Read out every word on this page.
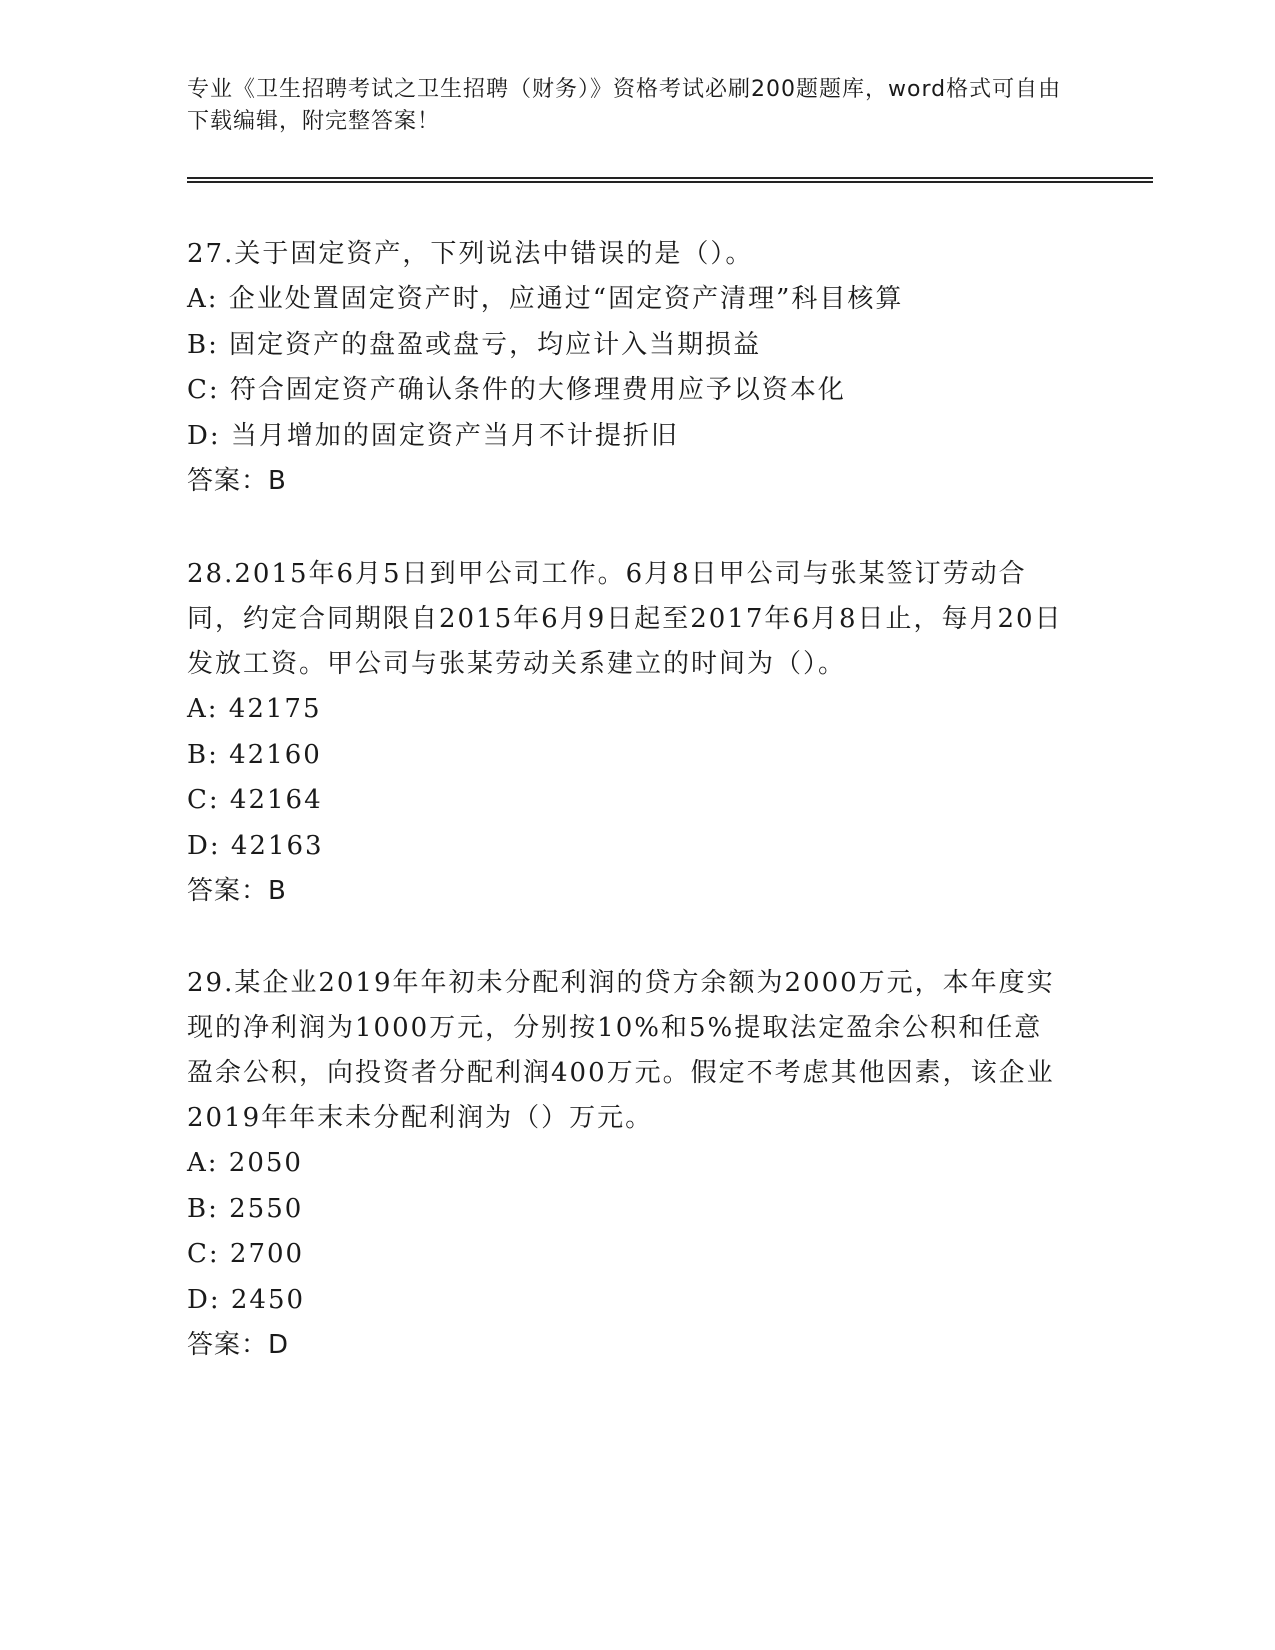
专业《卫生招聘考试之卫生招聘（财务）》资格考试必刷200题题库，word格式可自由下载编辑，附完整答案！

27.关于固定资产，下列说法中错误的是（）。

A: 企业处置固定资产时，应通过“固定资产清理”科目核算

B: 固定资产的盘盈或盘亏，均应计入当期损益

C: 符合固定资产确认条件的大修理费用应予以资本化

D: 当月增加的固定资产当月不计提折旧

答案：B

28.2015年6月5日到甲公司工作。6月8日甲公司与张某签订劳动合同，约定合同期限自2015年6月9日起至2017年6月8日止，每月20日发放工资。甲公司与张某劳动关系建立的时间为（）。

A: 42175

B: 42160

C: 42164

D: 42163

答案：B

29.某企业2019年年初未分配利润的贷方余额为2000万元，本年度实现的净利润为1000万元，分别按10%和5%提取法定盈余公积和任意盈余公积，向投资者分配利润400万元。假定不考虑其他因素，该企业2019年年末未分配利润为（）万元。

A: 2050

B: 2550

C: 2700

D: 2450

答案：D
